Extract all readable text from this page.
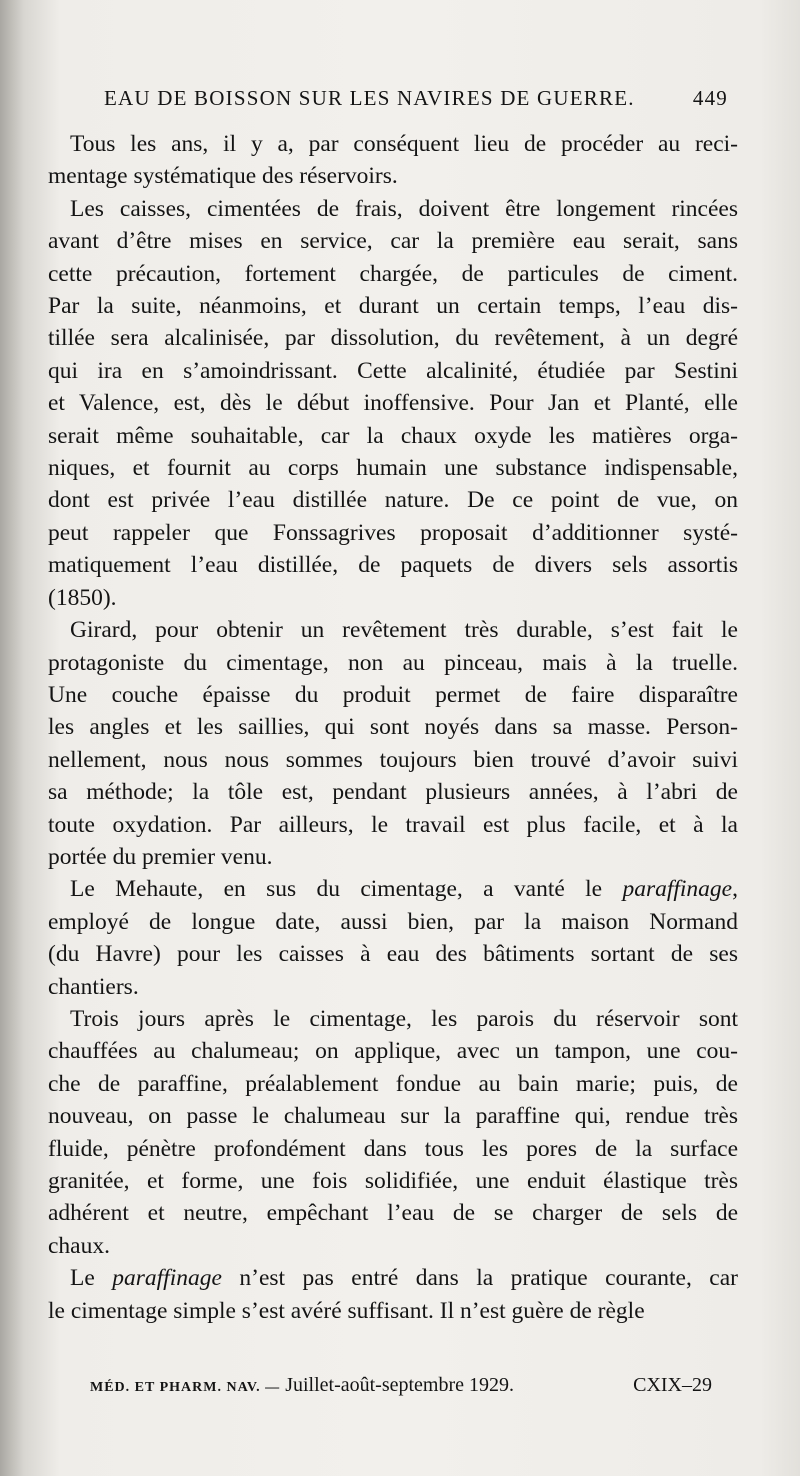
EAU DE BOISSON SUR LES NAVIRES DE GUERRE.	449

Tous les ans, il y a, par conséquent lieu de procéder au reci-
mentage systématique des réservoirs.

Les caisses, cimentées de frais, doivent être longement rincées
avant d’être mises en service, car la première eau serait, sans
cette précaution, fortement chargée, de particules de ciment.
Par la suite, néanmoins, et durant un certain temps, l’eau dis-
tillée sera alcalinisée, par dissolution, du revêtement, à un degré
qui ira en s’amoindrissant. Cette alcalinité, étudiée par Sestini
et Valence, est, dès le début inoffensive. Pour Jan et Planté, elle
serait même souhaitable, car la chaux oxyde les matières orga-
niques, et fournit au corps humain une substance indispensable,
dont est privée l’eau distillée nature. De ce point de vue, on
peut rappeler que Fonssagrives proposait d’additionner systé-
matiquement l’eau distillée, de paquets de divers sels assortis
(1850).

Girard, pour obtenir un revêtement très durable, s’est fait le
protagoniste du cimentage, non au pinceau, mais à la truelle.
Une couche épaisse du produit permet de faire disparaître
les angles et les saillies, qui sont noyés dans sa masse. Person-
nellement, nous nous sommes toujours bien trouvé d’avoir suivi
sa méthode; la tôle est, pendant plusieurs années, à l’abri de
toute oxydation. Par ailleurs, le travail est plus facile, et à la
portée du premier venu.

Le Mehaute, en sus du cimentage, a vanté le paraffinage,
employé de longue date, aussi bien, par la maison Normand
(du Havre) pour les caisses à eau des bâtiments sortant de ses
chantiers.

Trois jours après le cimentage, les parois du réservoir sont
chauffées au chalumeau; on applique, avec un tampon, une cou-
che de paraffine, préalablement fondue au bain marie; puis, de
nouveau, on passe le chalumeau sur la paraffine qui, rendue très
fluide, pénètre profondément dans tous les pores de la surface
granitée, et forme, une fois solidifiée, une enduit élastique très
adhérent et neutre, empêchant l’eau de se charger de sels de
chaux.

Le paraffinage n’est pas entré dans la pratique courante, car
le cimentage simple s’est avéré suffisant. Il n’est guère de règle

MÉD. ET PHARM. NAV. — Juillet-août-septembre 1929.	CXIX–29
